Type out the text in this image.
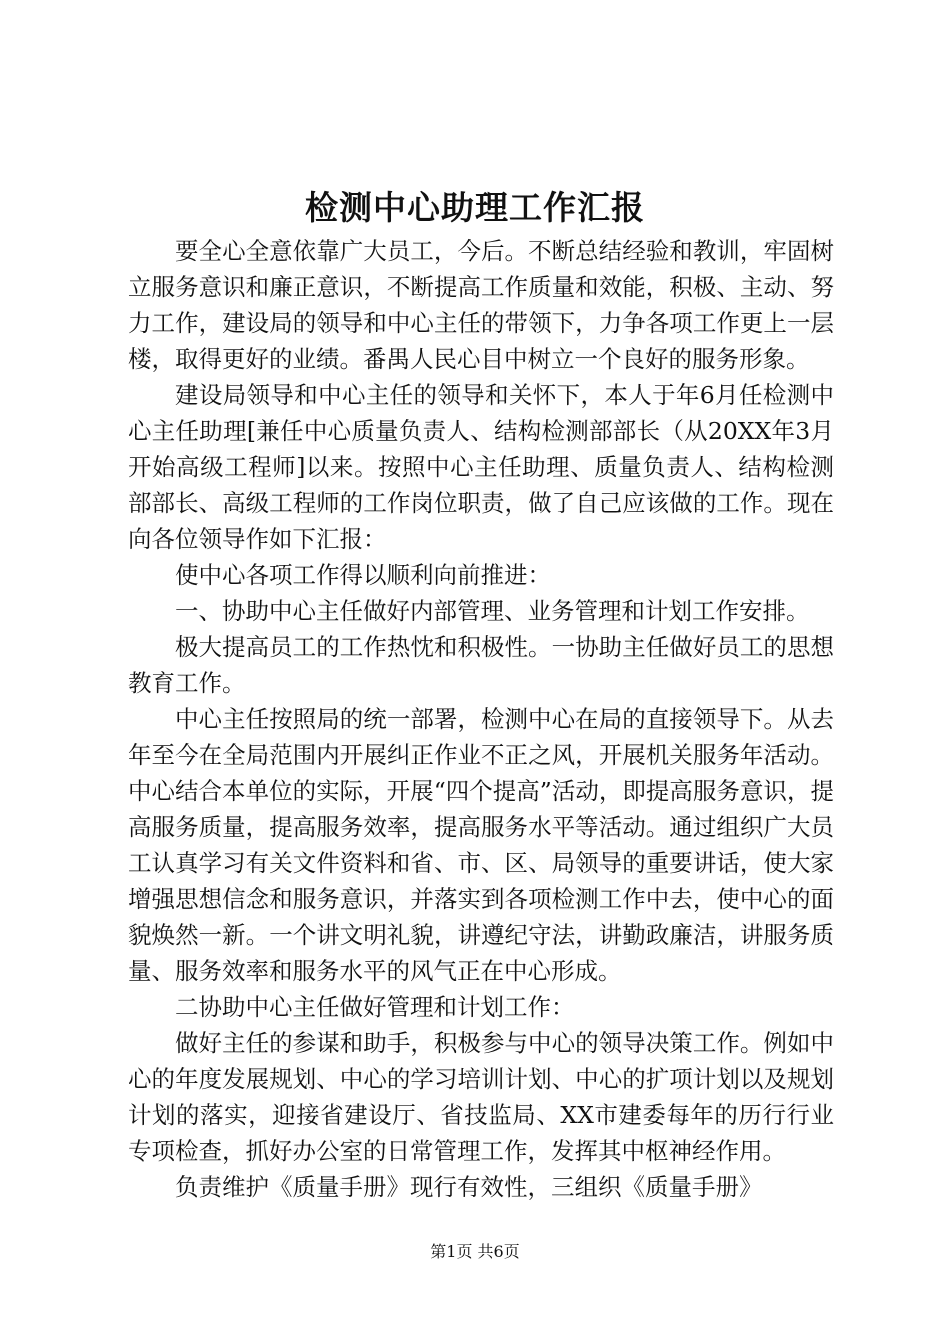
检测中心助理工作汇报

要全心全意依靠广大员工，今后。不断总结经验和教训，牢固树立服务意识和廉正意识，不断提高工作质量和效能，积极、主动、努力工作，建设局的领导和中心主任的带领下，力争各项工作更上一层楼，取得更好的业绩。番禺人民心目中树立一个良好的服务形象。

建设局领导和中心主任的领导和关怀下，本人于年6月任检测中心主任助理[兼任中心质量负责人、结构检测部部长（从20XX年3月开始高级工程师]以来。按照中心主任助理、质量负责人、结构检测部部长、高级工程师的工作岗位职责，做了自己应该做的工作。现在向各位领导作如下汇报：

使中心各项工作得以顺利向前推进：

一、协助中心主任做好内部管理、业务管理和计划工作安排。

极大提高员工的工作热忱和积极性。一协助主任做好员工的思想教育工作。

中心主任按照局的统一部署，检测中心在局的直接领导下。从去年至今在全局范围内开展纠正作业不正之风，开展机关服务年活动。中心结合本单位的实际，开展“四个提高”活动，即提高服务意识，提高服务质量，提高服务效率，提高服务水平等活动。通过组织广大员工认真学习有关文件资料和省、市、区、局领导的重要讲话，使大家增强思想信念和服务意识，并落实到各项检测工作中去，使中心的面貌焕然一新。一个讲文明礼貌，讲遵纪守法，讲勤政廉洁，讲服务质量、服务效率和服务水平的风气正在中心形成。

二协助中心主任做好管理和计划工作：

做好主任的参谋和助手，积极参与中心的领导决策工作。例如中心的年度发展规划、中心的学习培训计划、中心的扩项计划以及规划计划的落实，迎接省建设厅、省技监局、XX市建委每年的历行行业专项检查，抓好办公室的日常管理工作，发挥其中枢神经作用。

负责维护《质量手册》现行有效性，三组织《质量手册》

第1页 共6页
